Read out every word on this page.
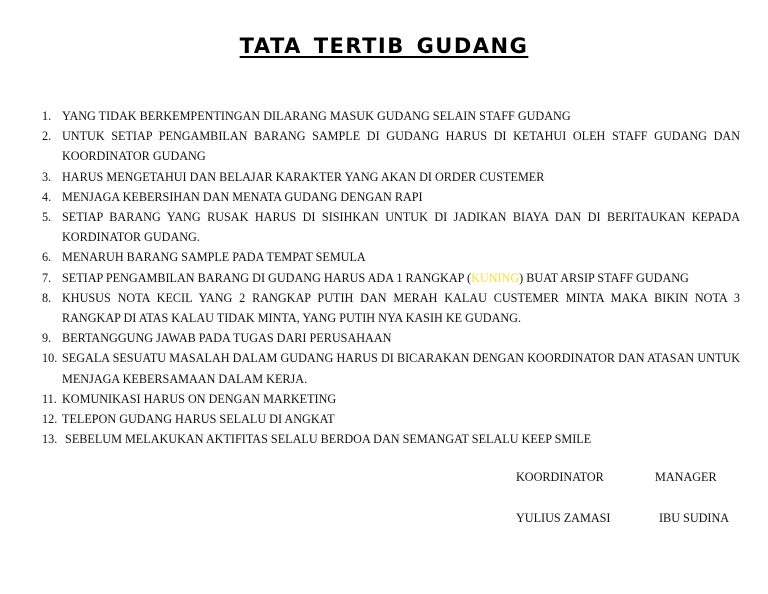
TATA TERTIB GUDANG
1. YANG TIDAK BERKEMPENTINGAN DILARANG MASUK GUDANG SELAIN STAFF GUDANG
2. UNTUK SETIAP PENGAMBILAN BARANG SAMPLE DI GUDANG HARUS DI KETAHUI OLEH STAFF GUDANG DAN KOORDINATOR GUDANG
3. HARUS MENGETAHUI DAN BELAJAR KARAKTER YANG AKAN DI ORDER CUSTEMER
4. MENJAGA KEBERSIHAN DAN MENATA GUDANG DENGAN RAPI
5. SETIAP BARANG YANG RUSAK HARUS DI SISIHKAN UNTUK DI JADIKAN BIAYA DAN DI BERITAUKAN KEPADA KORDINATOR GUDANG.
6. MENARUH BARANG SAMPLE PADA TEMPAT SEMULA
7. SETIAP PENGAMBILAN BARANG DI GUDANG HARUS ADA 1 RANGKAP (KUNING) BUAT ARSIP STAFF GUDANG
8. KHUSUS NOTA KECIL YANG 2 RANGKAP PUTIH DAN MERAH KALAU CUSTEMER MINTA MAKA BIKIN NOTA 3 RANGKAP DI ATAS KALAU TIDAK MINTA, YANG PUTIH NYA KASIH KE GUDANG.
9. BERTANGGUNG JAWAB PADA TUGAS DARI PERUSAHAAN
10. SEGALA SESUATU MASALAH DALAM GUDANG HARUS DI BICARAKAN DENGAN KOORDINATOR DAN ATASAN UNTUK MENJAGA KEBERSAMAAN DALAM KERJA.
11. KOMUNIKASI HARUS ON DENGAN MARKETING
12. TELEPON GUDANG HARUS SELALU DI ANGKAT
13. SEBELUM MELAKUKAN AKTIFITAS SELALU BERDOA DAN SEMANGAT SELALU KEEP SMILE
KOORDINATOR	MANAGER
YULIUS ZAMASI	IBU SUDINA
